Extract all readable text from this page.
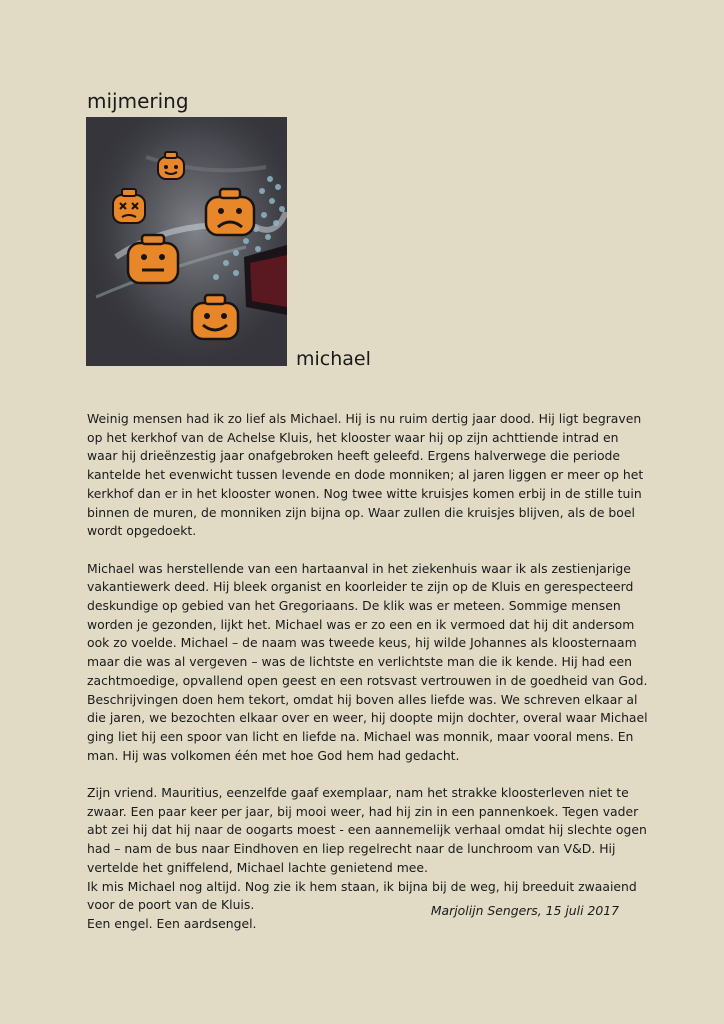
mijmering
michael

Weinig mensen had ik zo lief als Michael. Hij is nu ruim dertig jaar dood. Hij ligt begraven op het kerkhof van de Achelse Kluis, het klooster waar hij op zijn achttiende intrad en waar hij drieënzestig jaar onafgebroken heeft geleefd. Ergens halverwege die periode kantelde het evenwicht tussen levende en dode monniken; al jaren liggen er meer op het kerkhof dan er in het klooster wonen. Nog twee witte kruisjes komen erbij in de stille tuin binnen de muren, de monniken zijn bijna op. Waar zullen die kruisjes blijven, als de boel wordt opgedoekt.

Michael was herstellende van een hartaanval in het ziekenhuis waar ik als zestienjarige vakantiewerk deed. Hij bleek organist en koorleider te zijn op de Kluis en gerespecteerd deskundige op gebied van het Gregoriaans. De klik was er meteen. Sommige mensen worden je gezonden, lijkt het. Michael was er zo een en ik vermoed dat hij dit andersom ook zo voelde. Michael – de naam was tweede keus, hij wilde Johannes als kloosternaam maar die was al vergeven – was de lichtste en verlichtste man die ik kende. Hij had een zachtmoedige, opvallend open geest en een rotsvast vertrouwen in de goedheid van God. Beschrijvingen doen hem tekort, omdat hij boven alles liefde was. We schreven elkaar al die jaren, we bezochten elkaar over en weer, hij doopte mijn dochter, overal waar Michael ging liet hij een spoor van licht en liefde na. Michael was monnik, maar vooral mens. En man. Hij was volkomen één met hoe God hem had gedacht.

Zijn vriend. Mauritius, eenzelfde gaaf exemplaar, nam het strakke kloosterleven niet te zwaar. Een paar keer per jaar, bij mooi weer, had hij zin in een pannenkoek. Tegen vader abt zei hij dat hij naar de oogarts moest - een aannemelijk verhaal omdat hij slechte ogen had – nam de bus naar Eindhoven en liep regelrecht naar de lunchroom van V&D. Hij vertelde het gniffelend, Michael lachte genietend mee.

Ik mis Michael nog altijd. Nog zie ik hem staan, ik bijna bij de weg, hij breeduit zwaaiend voor de poort van de Kluis.

Een engel. Een aardsengel.

Marjolijn Sengers, 15 juli 2017
